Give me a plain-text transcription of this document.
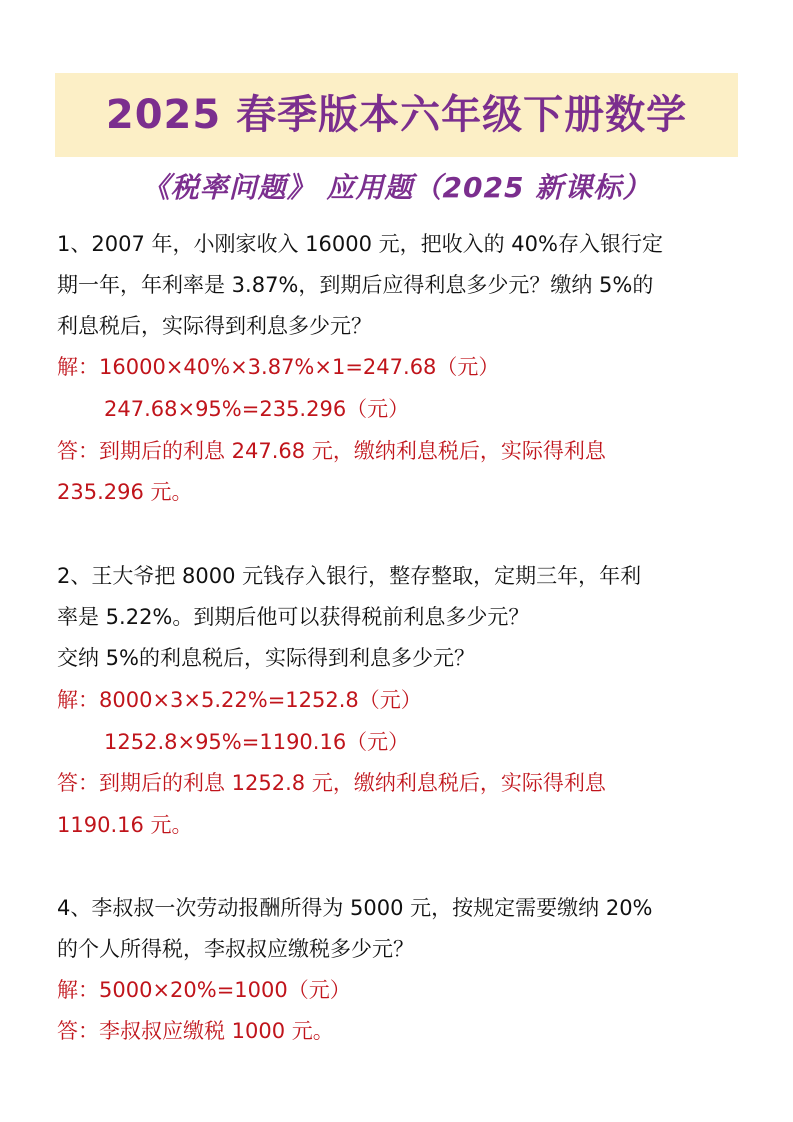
2025 春季版本六年级下册数学
《税率问题》 应用题（2025 新课标）
1、2007 年，小刚家收入 16000 元，把收入的 40%存入银行定
期一年，年利率是 3.87%，到期后应得利息多少元？缴纳 5%的
利息税后，实际得到利息多少元？
解：16000×40%×3.87%×1=247.68（元）
247.68×95%=235.296（元）
答：到期后的利息 247.68 元，缴纳利息税后，实际得利息
235.296 元。
2、王大爷把 8000 元钱存入银行，整存整取，定期三年，年利
率是 5.22%。到期后他可以获得税前利息多少元？
交纳 5%的利息税后，实际得到利息多少元？
解：8000×3×5.22%=1252.8（元）
1252.8×95%=1190.16（元）
答：到期后的利息 1252.8 元，缴纳利息税后，实际得利息
1190.16 元。
4、李叔叔一次劳动报酬所得为 5000 元，按规定需要缴纳 20%
的个人所得税，李叔叔应缴税多少元？
解：5000×20%=1000（元）
答：李叔叔应缴税 1000 元。
